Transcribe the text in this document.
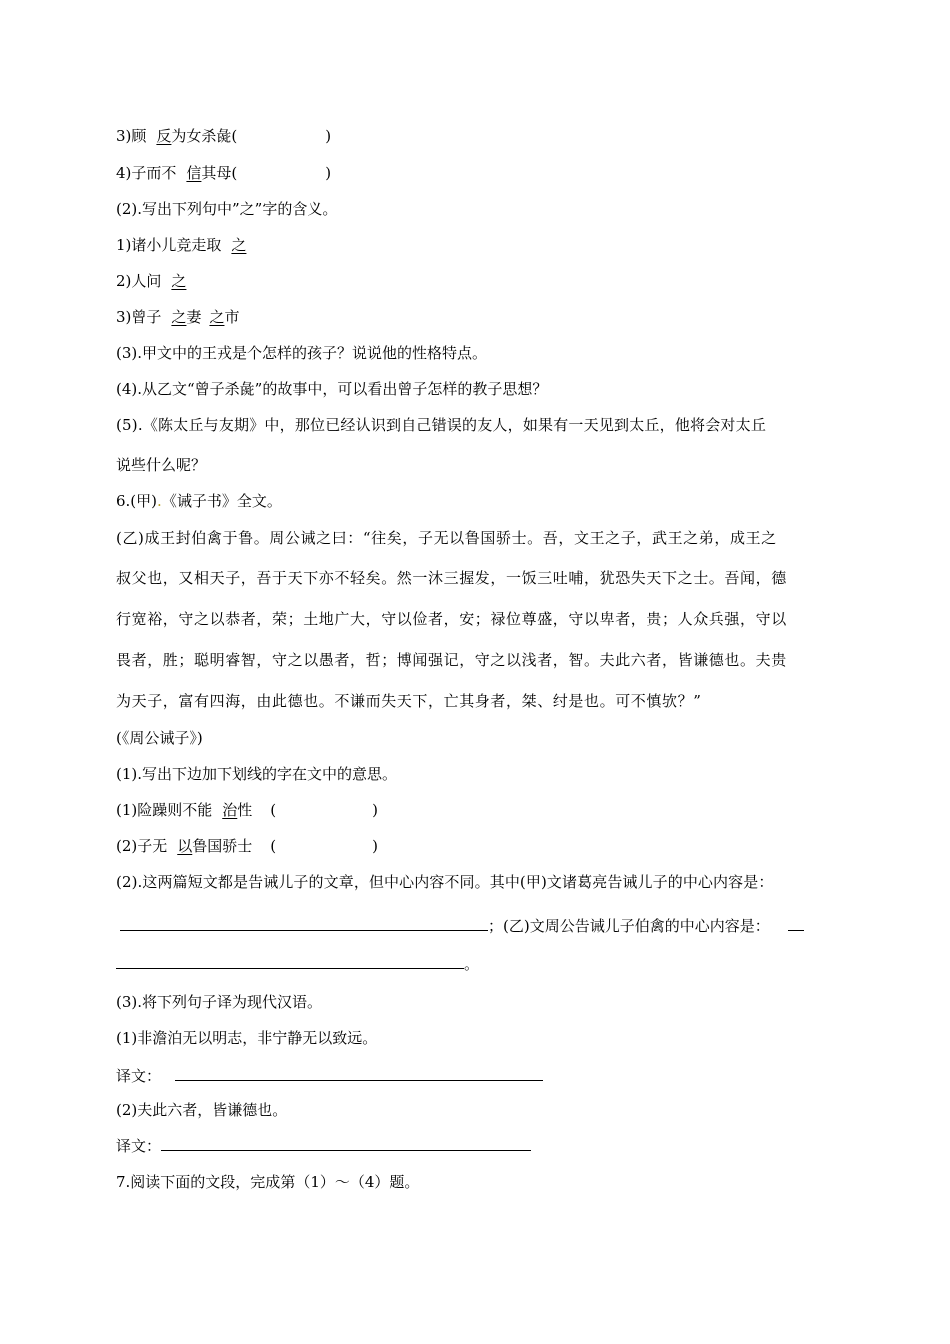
3)顾 反为女杀彘(	)
4)子而不 信其母(	)
(2).写出下列句中”之”字的含义。
1)诸小儿竞走取 之
2)人问 之
3)曾子 之妻 之市
(3).甲文中的王戎是个怎样的孩子？说说他的性格特点。
(4).从乙文“曾子杀彘”的故事中，可以看出曾子怎样的教子思想？
(5).《陈太丘与友期》中，那位已经认识到自己错误的友人，如果有一天见到太丘，他将会对太丘
说些什么呢？
6.(甲).《诫子书》全文。
(乙)成王封伯禽于鲁。周公诫之曰：“往矣，子无以鲁国骄士。吾，文王之子，武王之弟，成王之
叔父也，又相天子，吾于天下亦不轻矣。然一沐三握发，一饭三吐哺，犹恐失天下之士。吾闻，德
行宽裕，守之以恭者，荣；土地广大，守以俭者，安；禄位尊盛，守以卑者，贵；人众兵强，守以
畏者，胜；聪明睿智，守之以愚者，哲；博闻强记，守之以浅者，智。夫此六者，皆谦德也。夫贵
为天子，富有四海，由此德也。不谦而失天下，亡其身者，桀、纣是也。可不慎欤？”
(《周公诫子》)
(1).写出下边加下划线的字在文中的意思。
(1)险躁则不能 治性 (	)
(2)子无 以鲁国骄士 (	)
(2).这两篇短文都是告诫儿子的文章，但中心内容不同。其中(甲)文诸葛亮告诫儿子的中心内容是：
；(乙)文周公告诫儿子伯禽的中心内容是：
。
(3).将下列句子译为现代汉语。
(1)非澹泊无以明志，非宁静无以致远。
译文：
(2)夫此六者，皆谦德也。
译文：
7.阅读下面的文段，完成第（1）～（4）题。
